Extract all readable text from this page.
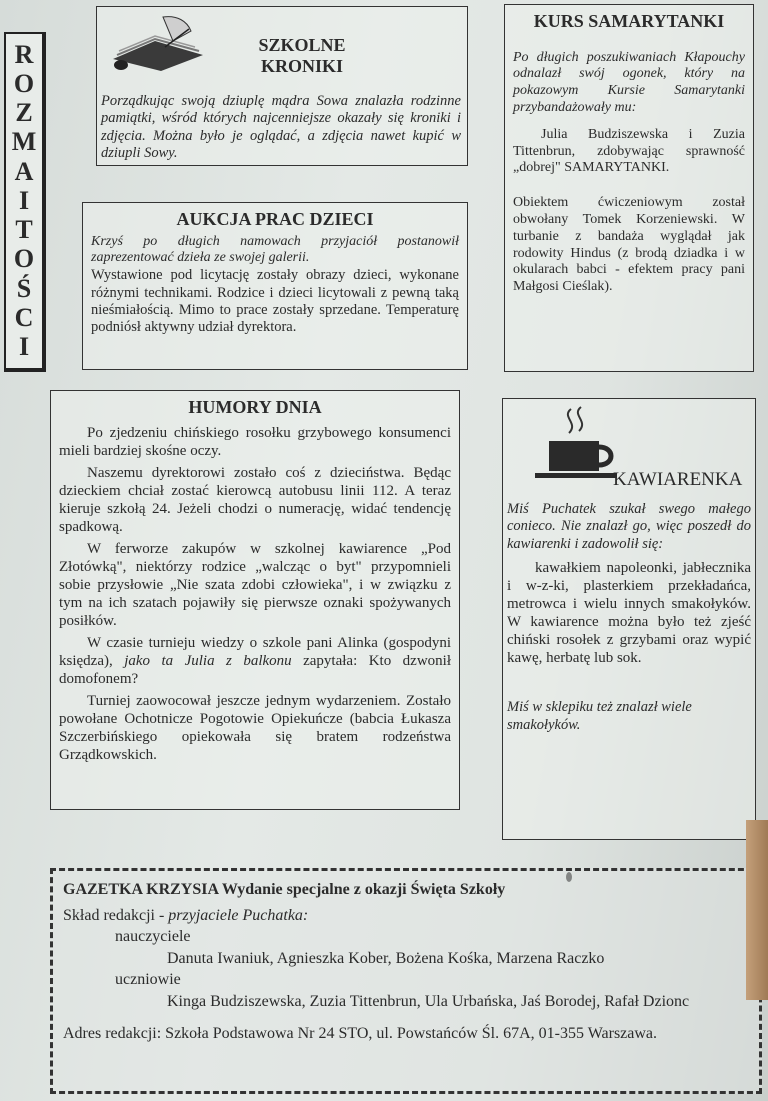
R
O
Z
M
A
I
T
O
Ś
C
I

SZKOLNE

KRONIKI

Porządkując swoją dziuplę mądra Sowa znalazła rodzinne pamiątki, wśród których najcenniejsze okazały się kroniki i zdjęcia. Można było je oglądać, a zdjęcia nawet kupić w dziupli Sowy.

KURS SAMARYTANKI

Po długich poszukiwaniach Kłapouchy odnalazł swój ogonek, który na pokazowym Kursie Samarytanki przybandażowały mu:

Julia Budziszewska i Zuzia Tittenbrun, zdobywając sprawność „dobrej" SAMARYTANKI.

Obiektem ćwiczeniowym został obwołany Tomek Korzeniewski. W turbanie z bandaża wyglądał jak rodowity Hindus (z brodą dziadka i w okularach babci - efektem pracy pani Małgosi Cieślak).

AUKCJA PRAC DZIECI

Krzyś po długich namowach przyjaciół postanowił zaprezentować dzieła ze swojej galerii.

Wystawione pod licytację zostały obrazy dzieci, wykonane różnymi technikami. Rodzice i dzieci licytowali z pewną taką nieśmiałością. Mimo to prace zostały sprzedane. Temperaturę podniósł aktywny udział dyrektora.

HUMORY DNIA

Po zjedzeniu chińskiego rosołku grzybowego konsumenci mieli bardziej skośne oczy.

Naszemu dyrektorowi zostało coś z dzieciństwa. Będąc dzieckiem chciał zostać kierowcą autobusu linii 112. A teraz kieruje szkołą 24. Jeżeli chodzi o numerację, widać tendencję spadkową.

W ferworze zakupów w szkolnej kawiarence „Pod Złotówką", niektórzy rodzice „walcząc o byt" przypomnieli sobie przysłowie „Nie szata zdobi człowieka", i w związku z tym na ich szatach pojawiły się pierwsze oznaki spożywanych posiłków.

W czasie turnieju wiedzy o szkole pani Alinka (gospodyni księdza), jako ta Julia z balkonu zapytała: Kto dzwonił domofonem?

Turniej zaowocował jeszcze jednym wydarzeniem. Zostało powołane Ochotnicze Pogotowie Opiekuńcze (babcia Łukasza Szczerbińskiego opiekowała się bratem rodzeństwa Grządkowskich.

KAWIARENKA

Miś Puchatek szukał swego małego conieco. Nie znalazł go, więc poszedł do kawiarenki i zadowolił się:

kawałkiem napoleonki, jabłecznika i w-z-ki, plasterkiem przekładańca, metrowca i wielu innych smakołyków. W kawiarence można było też zjeść chiński rosołek z grzybami oraz wypić kawę, herbatę lub sok.

Miś w sklepiku też znalazł wiele smakołyków.

GAZETKA KRZYSIA Wydanie specjalne z okazji Święta Szkoły

Skład redakcji - przyjaciele Puchatka:

nauczyciele

Danuta Iwaniuk, Agnieszka Kober, Bożena Kośka, Marzena Raczko

uczniowie

Kinga Budziszewska, Zuzia Tittenbrun, Ula Urbańska, Jaś Borodej, Rafał Dzionc

Adres redakcji: Szkoła Podstawowa Nr 24 STO, ul. Powstańców Śl. 67A, 01-355 Warszawa.
